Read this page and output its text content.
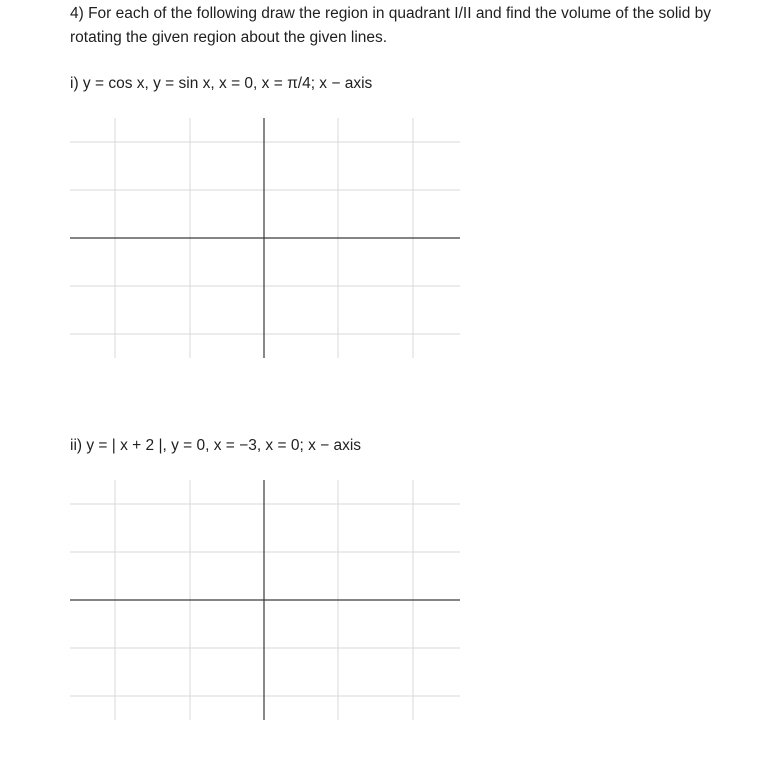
4) For each of the following draw the region in quadrant I/II and find the volume of the solid by rotating the given region about the given lines.

i) y = cos x, y = sin x, x = 0, x = π/4; x − axis

ii) y = | x + 2 |, y = 0, x = −3, x = 0; x − axis
